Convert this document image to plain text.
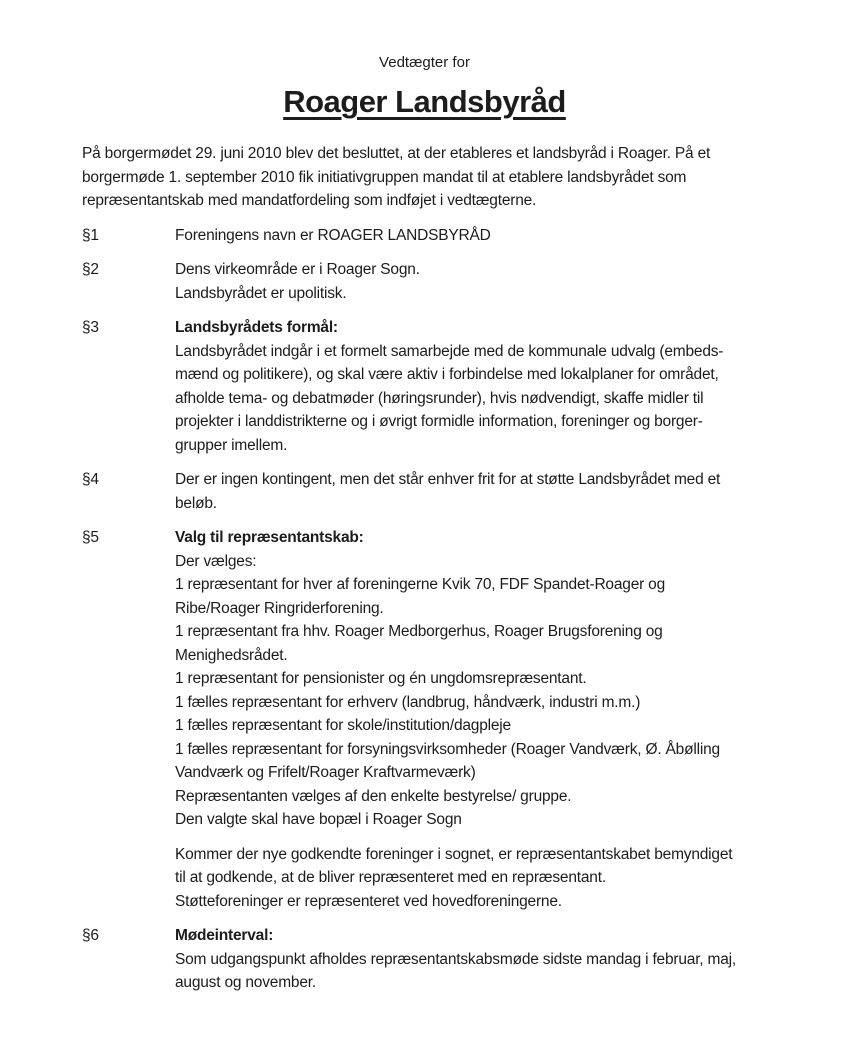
Vedtægter for
Roager Landsbyråd
På borgermødet 29. juni 2010 blev det besluttet, at der etableres et landsbyråd i Roager. På et
borgermøde 1. september 2010 fik initiativgruppen mandat til at etablere landsbyrådet som
repræsentantskab med mandatfordeling som indføjet i vedtægterne.
§1	Foreningens navn er ROAGER LANDSBYRÅD
§2	Dens virkeområde er i Roager Sogn.
Landsbyrådet er upolitisk.
§3	Landsbyrådets formål:
Landsbyrådet indgår i et formelt samarbejde med de kommunale udvalg (embeds-
mænd og politikere), og skal være aktiv i forbindelse med lokalplaner for området,
afholde tema- og debatmøder (høringsrunder), hvis nødvendigt, skaffe midler til
projekter i landdistrikterne og i øvrigt formidle information, foreninger og borger-
grupper imellem.
§4	Der er ingen kontingent, men det står enhver frit for at støtte Landsbyrådet med et
beløb.
§5	Valg til repræsentantskab:
Der vælges:
1 repræsentant for hver af foreningerne Kvik 70, FDF Spandet-Roager og
Ribe/Roager Ringriderforening.
1 repræsentant fra hhv. Roager Medborgerhus, Roager Brugsforening og
Menighedsrådet.
1 repræsentant for pensionister og én ungdomsrepræsentant.
1 fælles repræsentant for erhverv (landbrug, håndværk, industri m.m.)
1 fælles repræsentant for skole/institution/dagpleje
1 fælles repræsentant for forsyningsvirksomheder (Roager Vandværk, Ø. Åbølling
Vandværk og Frifelt/Roager Kraftvarmeværk)
Repræsentanten vælges af den enkelte bestyrelse/ gruppe.
Den valgte skal have bopæl i Roager Sogn
Kommer der nye godkendte foreninger i sognet, er repræsentantskabet bemyndiget
til at godkende, at de bliver repræsenteret med en repræsentant.
Støtteforeninger er repræsenteret ved hovedforeningerne.
§6	Mødeinterval:
Som udgangspunkt afholdes repræsentantskabsmøde sidste mandag i februar, maj,
august og november.
